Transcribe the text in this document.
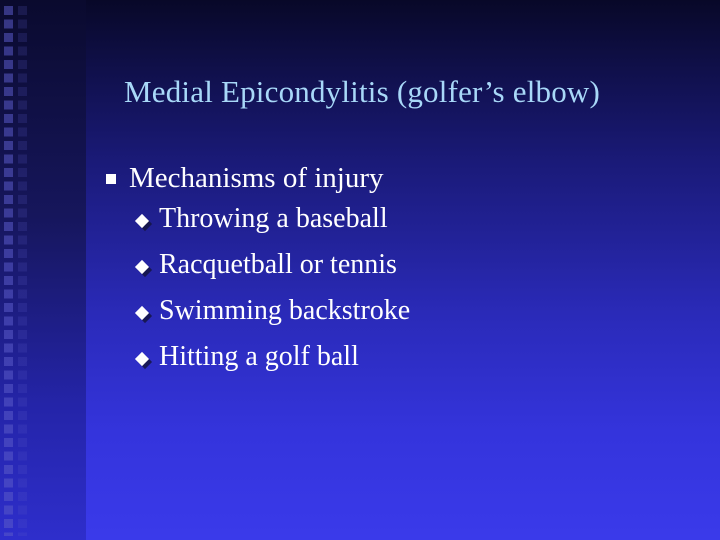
Medial Epicondylitis (golfer’s elbow)
Mechanisms of injury
Throwing a baseball
Racquetball or tennis
Swimming backstroke
Hitting a golf ball
